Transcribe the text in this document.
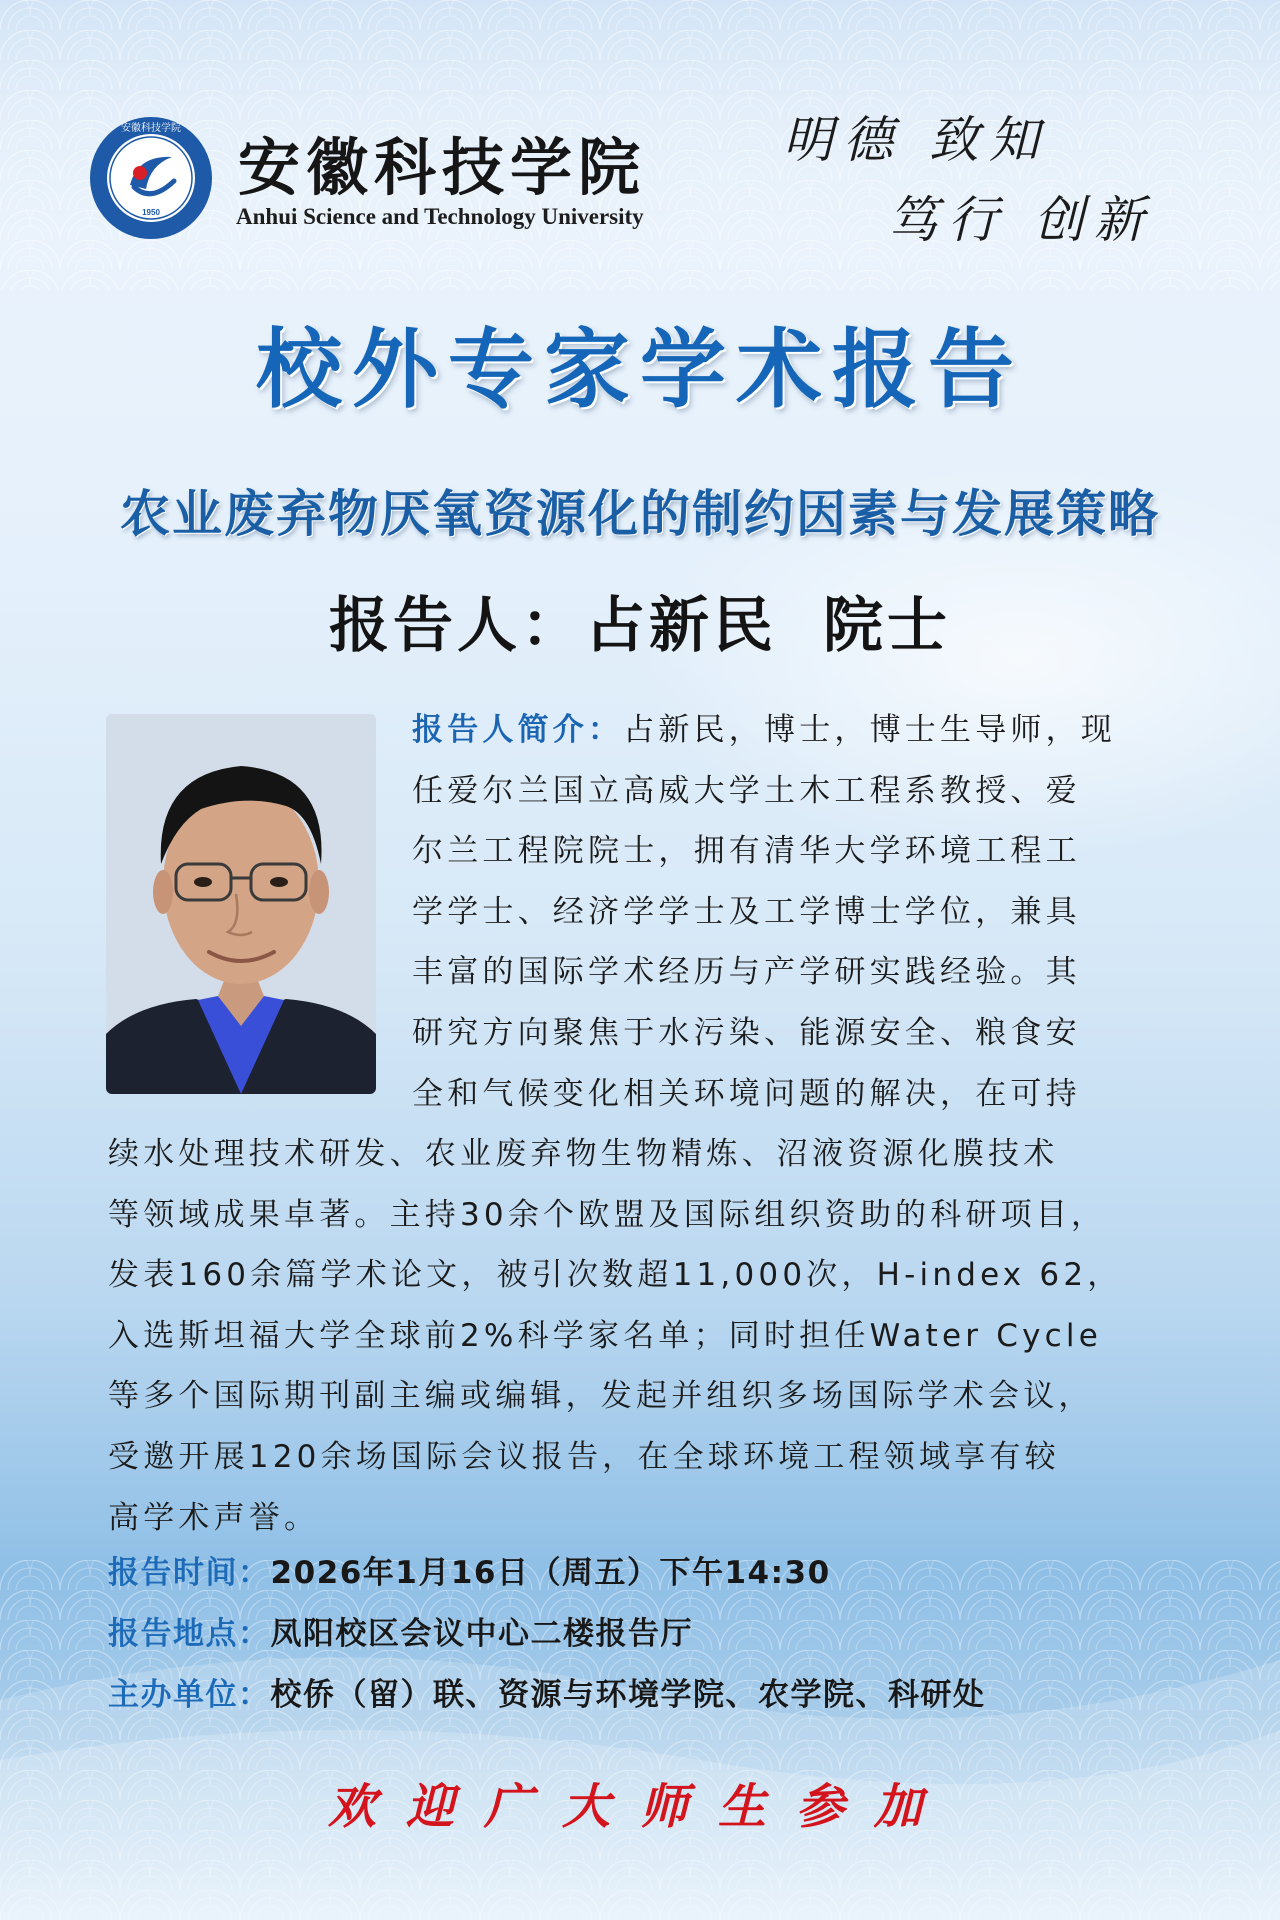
1950
安徽科技学院
安徽科技学院
Anhui Science and Technology University
明德 致知
笃行 创新
校外专家学术报告
农业废弃物厌氧资源化的制约因素与发展策略
报告人：占新民 院士
报告人简介：占新民，博士，博士生导师，现
任爱尔兰国立高威大学土木工程系教授、爱
尔兰工程院院士，拥有清华大学环境工程工
学学士、经济学学士及工学博士学位，兼具
丰富的国际学术经历与产学研实践经验。其
研究方向聚焦于水污染、能源安全、粮食安
全和气候变化相关环境问题的解决，在可持
续水处理技术研发、农业废弃物生物精炼、沼液资源化膜技术
等领域成果卓著。主持30余个欧盟及国际组织资助的科研项目，
发表160余篇学术论文，被引次数超11,000次，H-index 62，
入选斯坦福大学全球前2%科学家名单；同时担任Water Cycle
等多个国际期刊副主编或编辑，发起并组织多场国际学术会议，
受邀开展120余场国际会议报告，在全球环境工程领域享有较
高学术声誉。
报告时间：2026年1月16日（周五）下午14:30
报告地点：凤阳校区会议中心二楼报告厅
主办单位：校侨（留）联、资源与环境学院、农学院、科研处
欢迎广大师生参加
